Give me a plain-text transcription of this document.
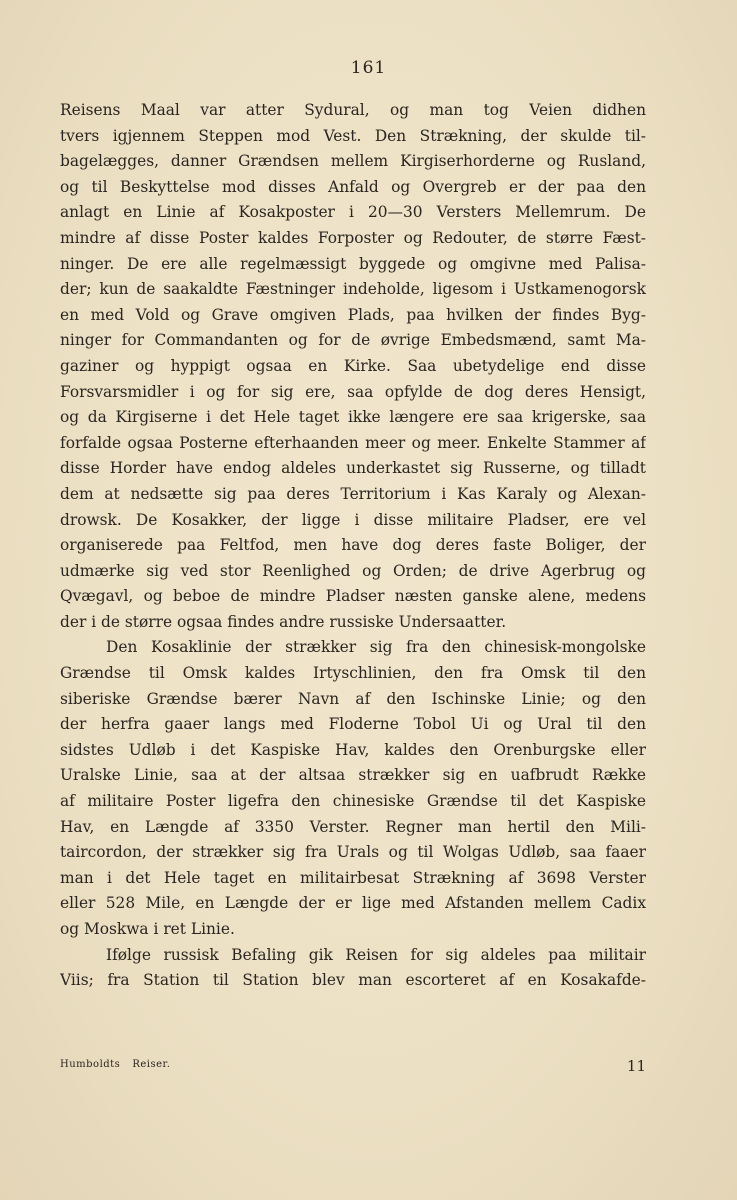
161
Reisens Maal var atter Sydural, og man tog Veien didhen
tvers igjennem Steppen mod Vest. Den Strækning, der skulde til-
bagelægges, danner Grændsen mellem Kirgiserhorderne og Rusland,
og til Beskyttelse mod disses Anfald og Overgreb er der paa den
anlagt en Linie af Kosakposter i 20—30 Versters Mellemrum. De
mindre af disse Poster kaldes Forposter og Redouter, de større Fæst-
ninger. De ere alle regelmæssigt byggede og omgivne med Palisa-
der; kun de saakaldte Fæstninger indeholde, ligesom i Ustkamenogorsk
en med Vold og Grave omgiven Plads, paa hvilken der findes Byg-
ninger for Commandanten og for de øvrige Embedsmænd, samt Ma-
gaziner og hyppigt ogsaa en Kirke. Saa ubetydelige end disse
Forsvarsmidler i og for sig ere, saa opfylde de dog deres Hensigt,
og da Kirgiserne i det Hele taget ikke længere ere saa krigerske, saa
forfalde ogsaa Posterne efterhaanden meer og meer. Enkelte Stammer af
disse Horder have endog aldeles underkastet sig Russerne, og tilladt
dem at nedsætte sig paa deres Territorium i Kas Karaly og Alexan-
drowsk. De Kosakker, der ligge i disse militaire Pladser, ere vel
organiserede paa Feltfod, men have dog deres faste Boliger, der
udmærke sig ved stor Reenlighed og Orden; de drive Agerbrug og
Qvægavl, og beboe de mindre Pladser næsten ganske alene, medens
der i de større ogsaa findes andre russiske Undersaatter.
Den Kosaklinie der strækker sig fra den chinesisk-mongolske
Grændse til Omsk kaldes Irtyschlinien, den fra Omsk til den
siberiske Grændse bærer Navn af den Ischinske Linie; og den
der herfra gaaer langs med Floderne Tobol Ui og Ural til den
sidstes Udløb i det Kaspiske Hav, kaldes den Orenburgske eller
Uralske Linie, saa at der altsaa strækker sig en uafbrudt Række
af militaire Poster ligefra den chinesiske Grændse til det Kaspiske
Hav, en Længde af 3350 Verster. Regner man hertil den Mili-
taircordon, der strækker sig fra Urals og til Wolgas Udløb, saa faaer
man i det Hele taget en militairbesat Strækning af 3698 Verster
eller 528 Mile, en Længde der er lige med Afstanden mellem Cadix
og Moskwa i ret Linie.
Ifølge russisk Befaling gik Reisen for sig aldeles paa militair
Viis; fra Station til Station blev man escorteret af en Kosakafde-
Humboldts Reiser.	11
